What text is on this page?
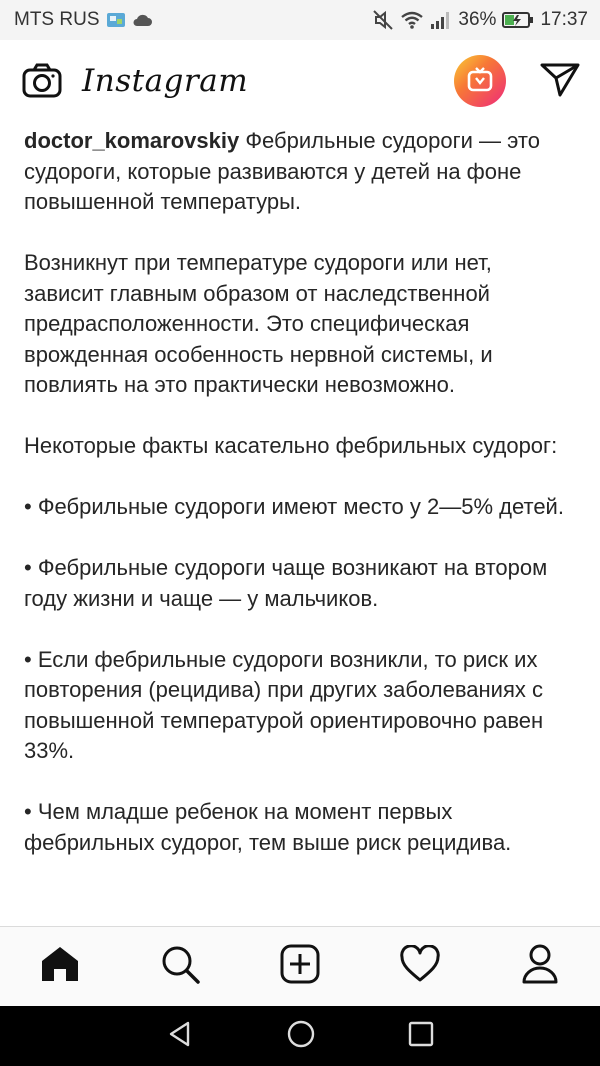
MTS RUS	36% 17:37
Instagram

doctor_komarovskiy Фебрильные судороги — это судороги, которые развиваются у детей на фоне повышенной температуры.

Возникнут при температуре судороги или нет, зависит главным образом от наследственной предрасположенности. Это специфическая врожденная особенность нервной системы, и повлиять на это практически невозможно.

Некоторые факты касательно фебрильных судорог:

• Фебрильные судороги имеют место у 2—5% детей.

• Фебрильные судороги чаще возникают на втором году жизни и чаще — у мальчиков.

• Если фебрильные судороги возникли, то риск их повторения (рецидива) при других заболеваниях с повышенной температурой ориентировочно равен 33%.

• Чем младше ребенок на момент первых фебрильных судорог, тем выше риск рецидива.
